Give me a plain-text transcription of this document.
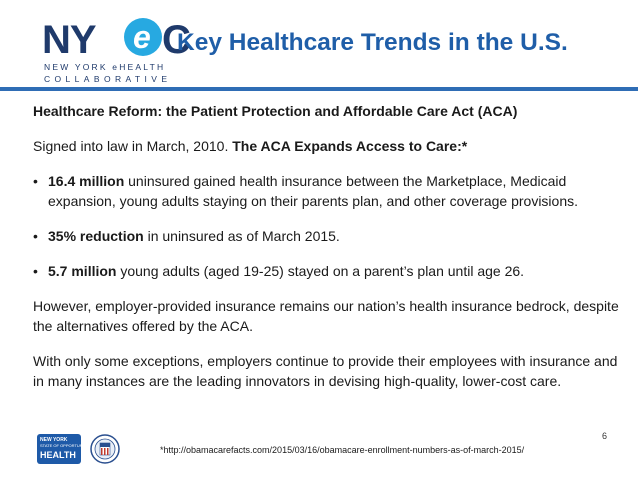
NY e C
NEW YORK eHEALTH
COLLABORATIVE
Key Healthcare Trends in the U.S.

Healthcare Reform: the Patient Protection and Affordable Care Act (ACA)

Signed into law in March, 2010. The ACA Expands Access to Care:*

• 16.4 million uninsured gained health insurance between the Marketplace, Medicaid expansion, young adults staying on their parents plan, and other coverage provisions.

• 35% reduction in uninsured as of March 2015.

• 5.7 million young adults (aged 19-25) stayed on a parent’s plan until age 26.

However, employer-provided insurance remains our nation’s health insurance bedrock, despite the alternatives offered by the ACA.

With only some exceptions, employers continue to provide their employees with insurance and in many instances are the leading innovators in devising high-quality, lower-cost care.

NEW YORK
STATE OF OPPORTUNITY
HEALTH	*http://obamacarefacts.com/2015/03/16/obamacare-enrollment-numbers-as-of-march-2015/
6
